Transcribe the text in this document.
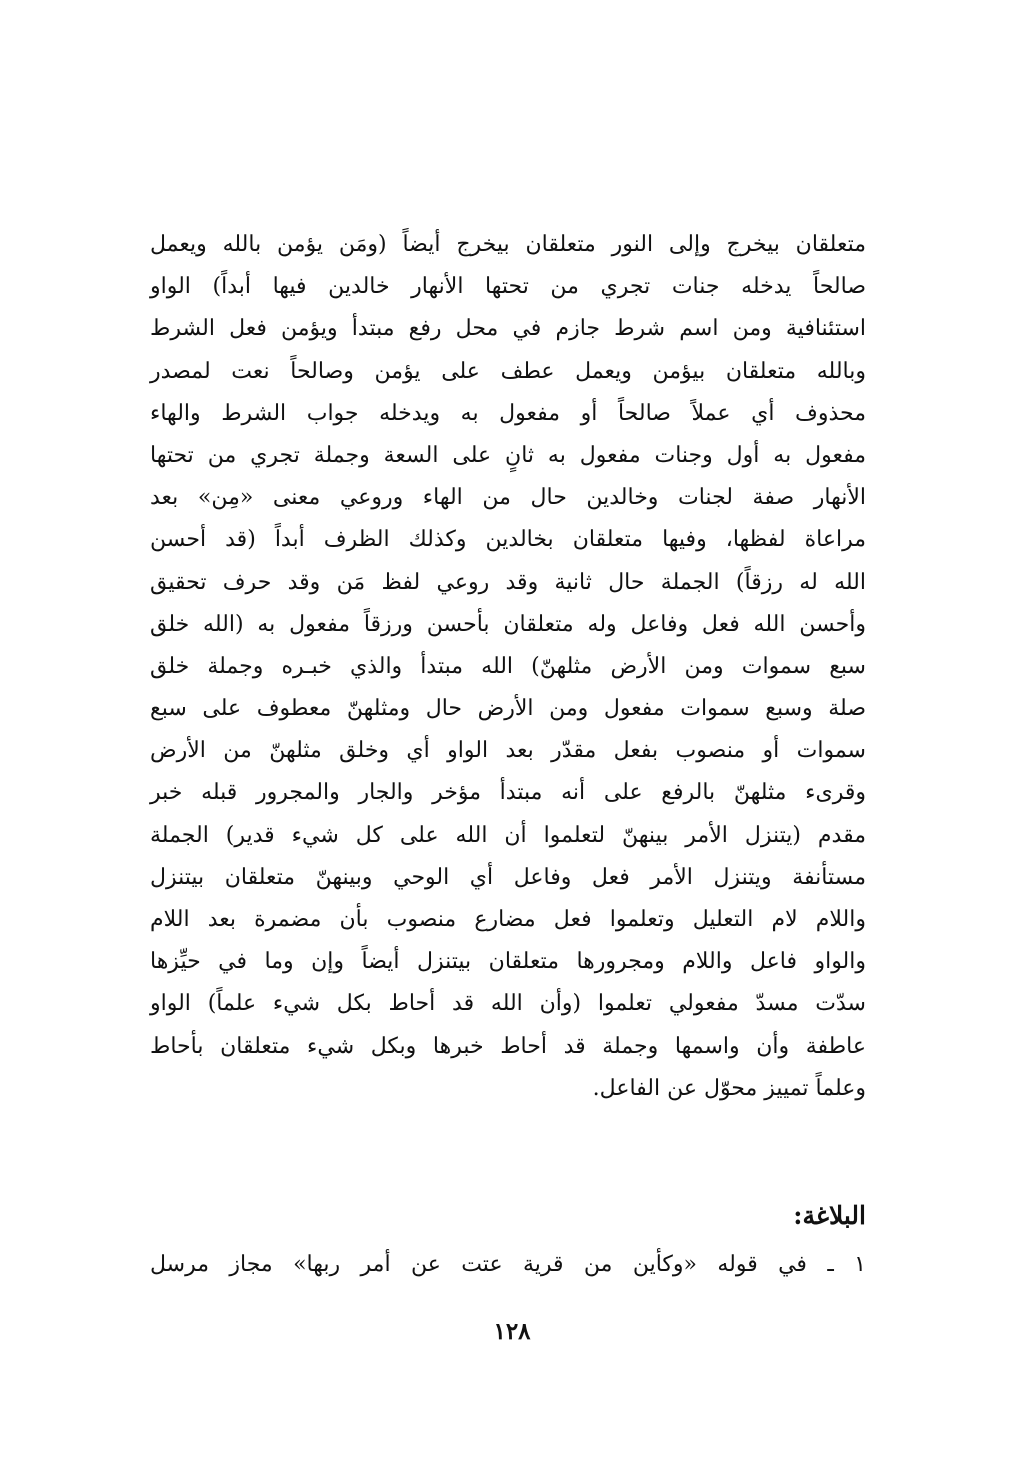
متعلقان بيخرج وإلى النور متعلقان بيخرج أيضاً (ومَن يؤمن بالله ويعمل
صالحاً يدخله جنات تجري من تحتها الأنهار خالدين فيها أبداً) الواو
استئنافية ومن اسم شرط جازم في محل رفع مبتدأ ويؤمن فعل الشرط
وبالله متعلقان بيؤمن ويعمل عطف على يؤمن وصالحاً نعت لمصدر
محذوف أي عملاً صالحاً أو مفعول به ويدخله جواب الشرط والهاء
مفعول به أول وجنات مفعول به ثانٍ على السعة وجملة تجري من تحتها
الأنهار صفة لجنات وخالدين حال من الهاء وروعي معنى «مِن» بعد
مراعاة لفظها، وفيها متعلقان بخالدين وكذلك الظرف أبداً (قد أحسن
الله له رزقاً) الجملة حال ثانية وقد روعي لفظ مَن وقد حرف تحقيق
وأحسن الله فعل وفاعل وله متعلقان بأحسن ورزقاً مفعول به (الله خلق
سبع سموات ومن الأرض مثلهنّ) الله مبتدأ والذي خبـره وجملة خلق
صلة وسبع سموات مفعول ومن الأرض حال ومثلهنّ معطوف على سبع
سموات أو منصوب بفعل مقدّر بعد الواو أي وخلق مثلهنّ من الأرض
وقرىء مثلهنّ بالرفع على أنه مبتدأ مؤخر والجار والمجرور قبله خبر
مقدم (يتنزل الأمر بينهنّ لتعلموا أن الله على كل شيء قدير) الجملة
مستأنفة ويتنزل الأمر فعل وفاعل أي الوحي وبينهنّ متعلقان بيتنزل
واللام لام التعليل وتعلموا فعل مضارع منصوب بأن مضمرة بعد اللام
والواو فاعل واللام ومجرورها متعلقان بيتنزل أيضاً وإن وما في حيِّزها
سدّت مسدّ مفعولي تعلموا (وأن الله قد أحاط بكل شيء علماً) الواو
عاطفة وأن واسمها وجملة قد أحاط خبرها وبكل شيء متعلقان بأحاط
وعلماً تمييز محوّل عن الفاعل.
البلاغة:
١ ـ في قوله «وكأين من قرية عتت عن أمر ربها» مجاز مرسل
١٢٨
